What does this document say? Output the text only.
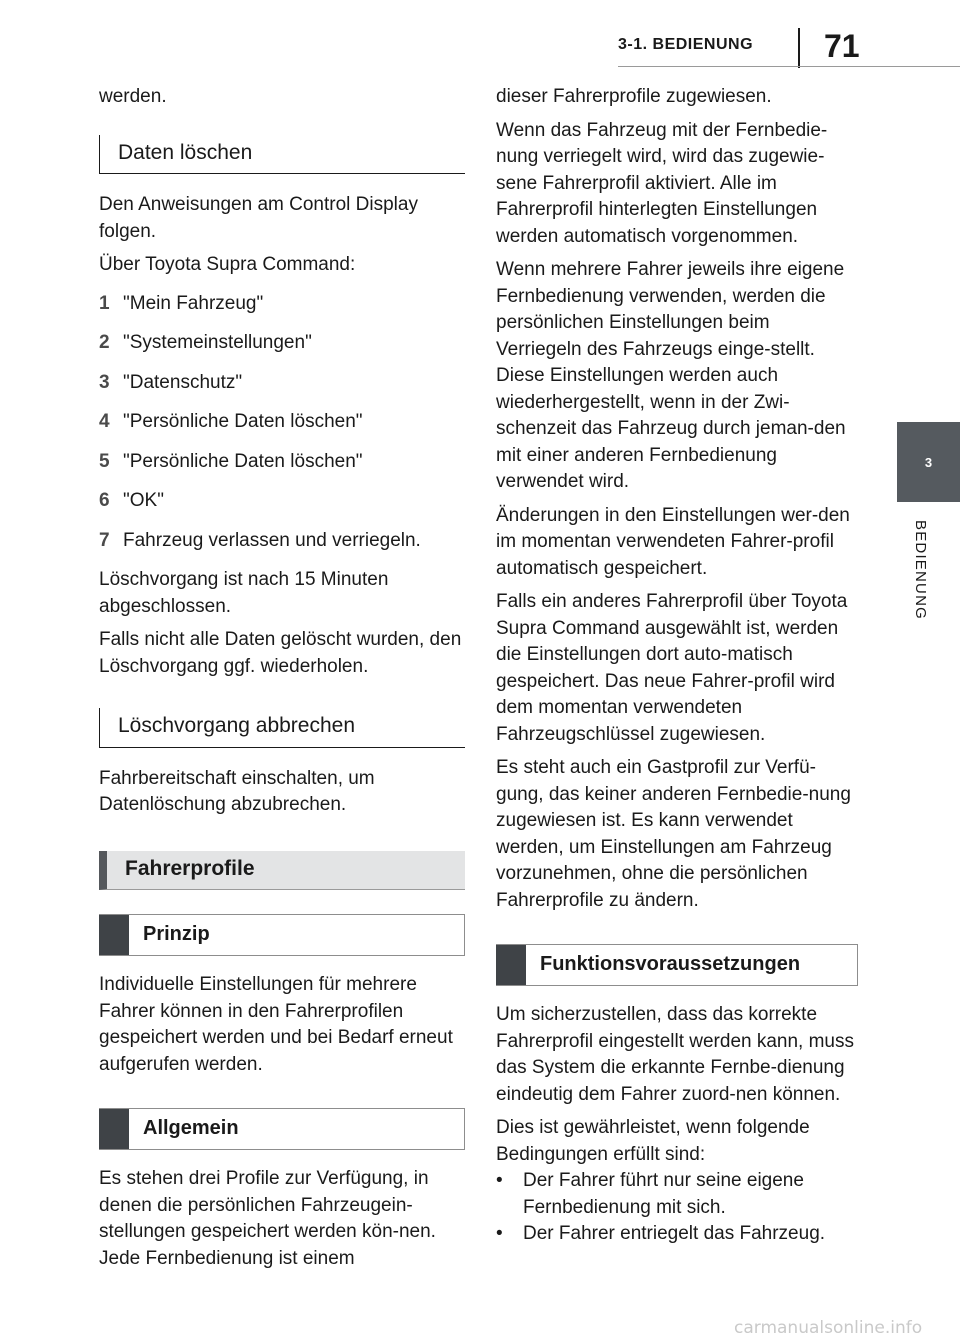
3-1. BEDIENUNG 71
3
BEDIENUNG

werden.

Daten löschen

Den Anweisungen am Control Display folgen.

Über Toyota Supra Command:

1 "Mein Fahrzeug"
2 "Systemeinstellungen"
3 "Datenschutz"
4 "Persönliche Daten löschen"
5 "Persönliche Daten löschen"
6 "OK"
7 Fahrzeug verlassen und verriegeln.

Löschvorgang ist nach 15 Minuten abgeschlossen.

Falls nicht alle Daten gelöscht wurden, den Löschvorgang ggf. wiederholen.

Löschvorgang abbrechen

Fahrbereitschaft einschalten, um Datenlöschung abzubrechen.

Fahrerprofile
Prinzip

Individuelle Einstellungen für mehrere Fahrer können in den Fahrerprofilen gespeichert werden und bei Bedarf erneut aufgerufen werden.

Allgemein

Es stehen drei Profile zur Verfügung, in denen die persönlichen Fahrzeugein-stellungen gespeichert werden kön-nen. Jede Fernbedienung ist einem

dieser Fahrerprofile zugewiesen.

Wenn das Fahrzeug mit der Fernbedie-nung verriegelt wird, wird das zugewie-sene Fahrerprofil aktiviert. Alle im Fahrerprofil hinterlegten Einstellungen werden automatisch vorgenommen.

Wenn mehrere Fahrer jeweils ihre eigene Fernbedienung verwenden, werden die persönlichen Einstellungen beim Verriegeln des Fahrzeugs einge-stellt. Diese Einstellungen werden auch wiederhergestellt, wenn in der Zwi-schenzeit das Fahrzeug durch jeman-den mit einer anderen Fernbedienung verwendet wird.

Änderungen in den Einstellungen wer-den im momentan verwendeten Fahrer-profil automatisch gespeichert.

Falls ein anderes Fahrerprofil über Toyota Supra Command ausgewählt ist, werden die Einstellungen dort auto-matisch gespeichert. Das neue Fahrer-profil wird dem momentan verwendeten Fahrzeugschlüssel zugewiesen.

Es steht auch ein Gastprofil zur Verfü-gung, das keiner anderen Fernbedie-nung zugewiesen ist. Es kann verwendet werden, um Einstellungen am Fahrzeug vorzunehmen, ohne die persönlichen Fahrerprofile zu ändern.

Funktionsvoraussetzungen

Um sicherzustellen, dass das korrekte Fahrerprofil eingestellt werden kann, muss das System die erkannte Fernbe-dienung eindeutig dem Fahrer zuord-nen können.

Dies ist gewährleistet, wenn folgende Bedingungen erfüllt sind:

•	Der Fahrer führt nur seine eigene Fernbedienung mit sich.
•	Der Fahrer entriegelt das Fahrzeug.
carmanualsonline.info
